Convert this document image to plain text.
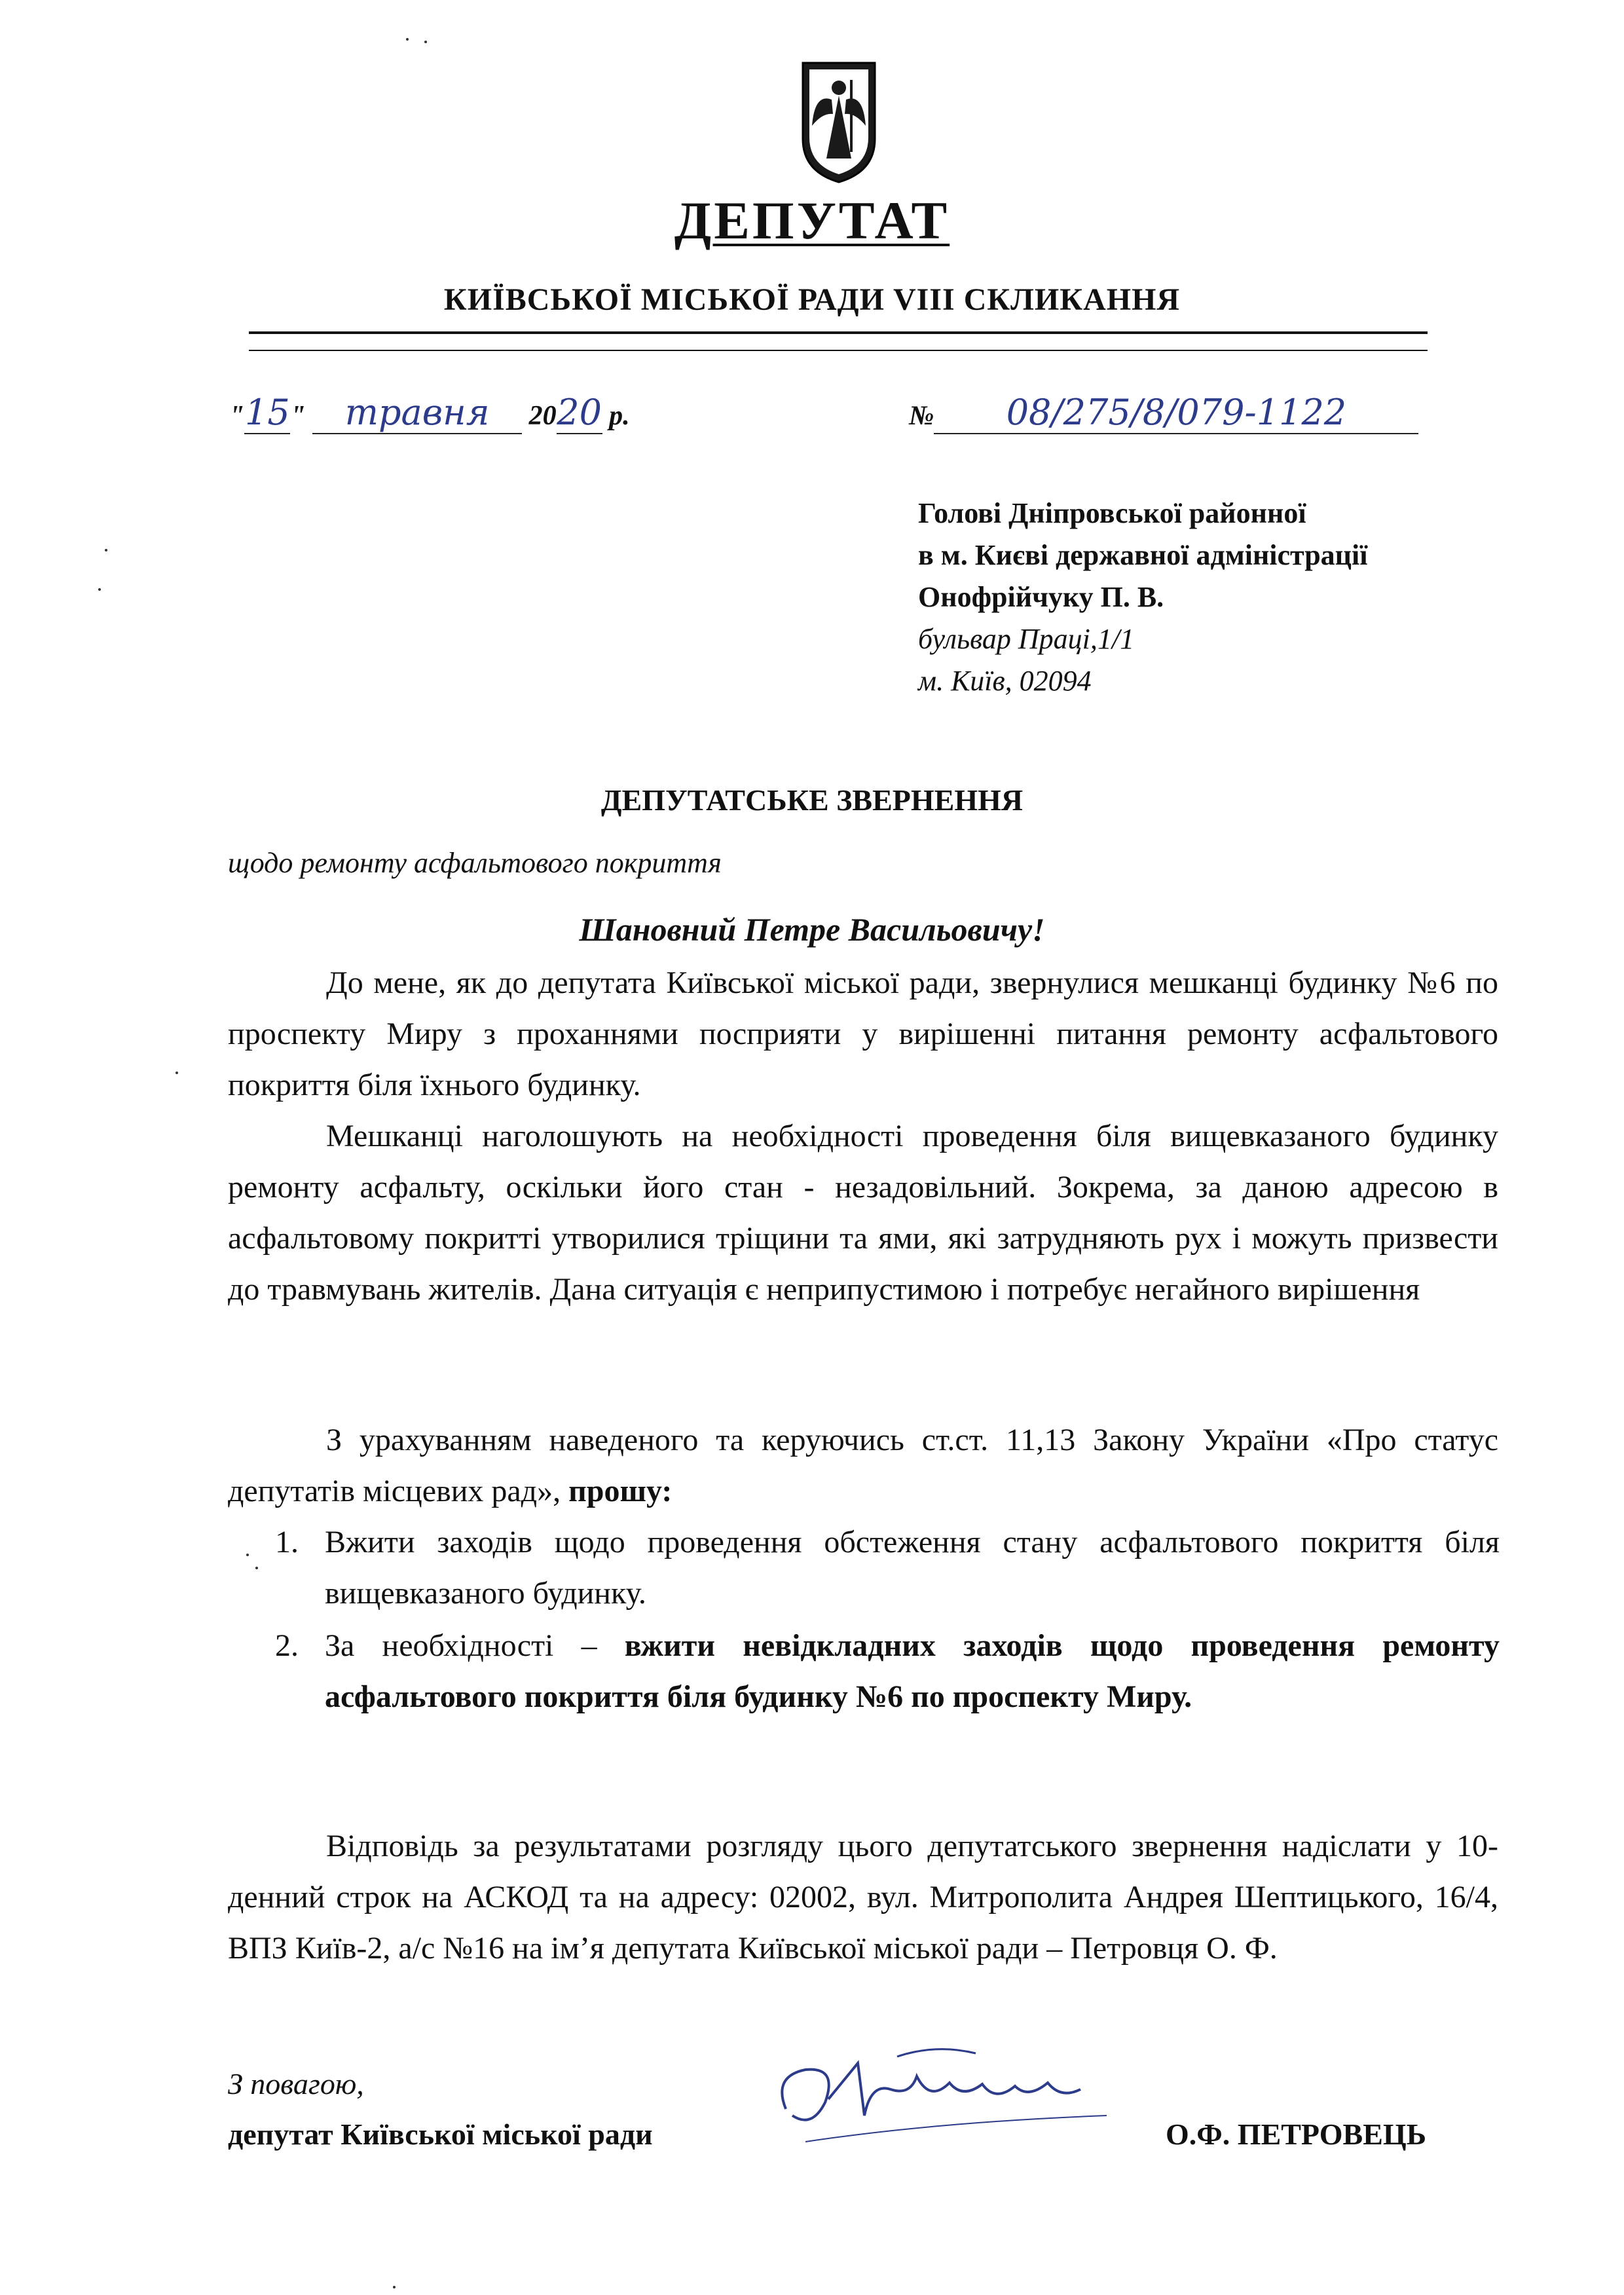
ДЕПУТАТ
КИЇВСЬКОЇ МІСЬКОЇ РАДИ VIII СКЛИКАННЯ
"15" травня 2020 р.	№ 08/275/8/079-1122
Голові Дніпровської районної
в м. Києві державної адміністрації
Онофрійчуку П. В.
бульвар Праці,1/1
м. Київ, 02094
ДЕПУТАТСЬКЕ ЗВЕРНЕННЯ
щодо ремонту асфальтового покриття
Шановний Петре Васильовичу!
До мене, як до депутата Київської міської ради, звернулися мешканці будинку №6 по проспекту Миру з проханнями посприяти у вирішенні питання ремонту асфальтового покриття біля їхнього будинку.
Мешканці наголошують на необхідності проведення біля вищевказаного будинку ремонту асфальту, оскільки його стан - незадовільний. Зокрема, за даною адресою в асфальтовому покритті утворилися тріщини та ями, які затрудняють рух і можуть призвести до травмувань жителів. Дана ситуація є неприпустимою і потребує негайного вирішення
З урахуванням наведеного та керуючись ст.ст. 11,13 Закону України «Про статус депутатів місцевих рад», прошу:
1. Вжити заходів щодо проведення обстеження стану асфальтового покриття біля вищевказаного будинку.
2. За необхідності – вжити невідкладних заходів щодо проведення ремонту асфальтового покриття біля будинку №6 по проспекту Миру.
Відповідь за результатами розгляду цього депутатського звернення надіслати у 10-денний строк на АСКОД та на адресу: 02002, вул. Митрополита Андрея Шептицького, 16/4, ВПЗ Київ-2, а/с №16 на ім’я депутата Київської міської ради – Петровця О. Ф.
З повагою,
депутат Київської міської ради	О.Ф. ПЕТРОВЕЦЬ
